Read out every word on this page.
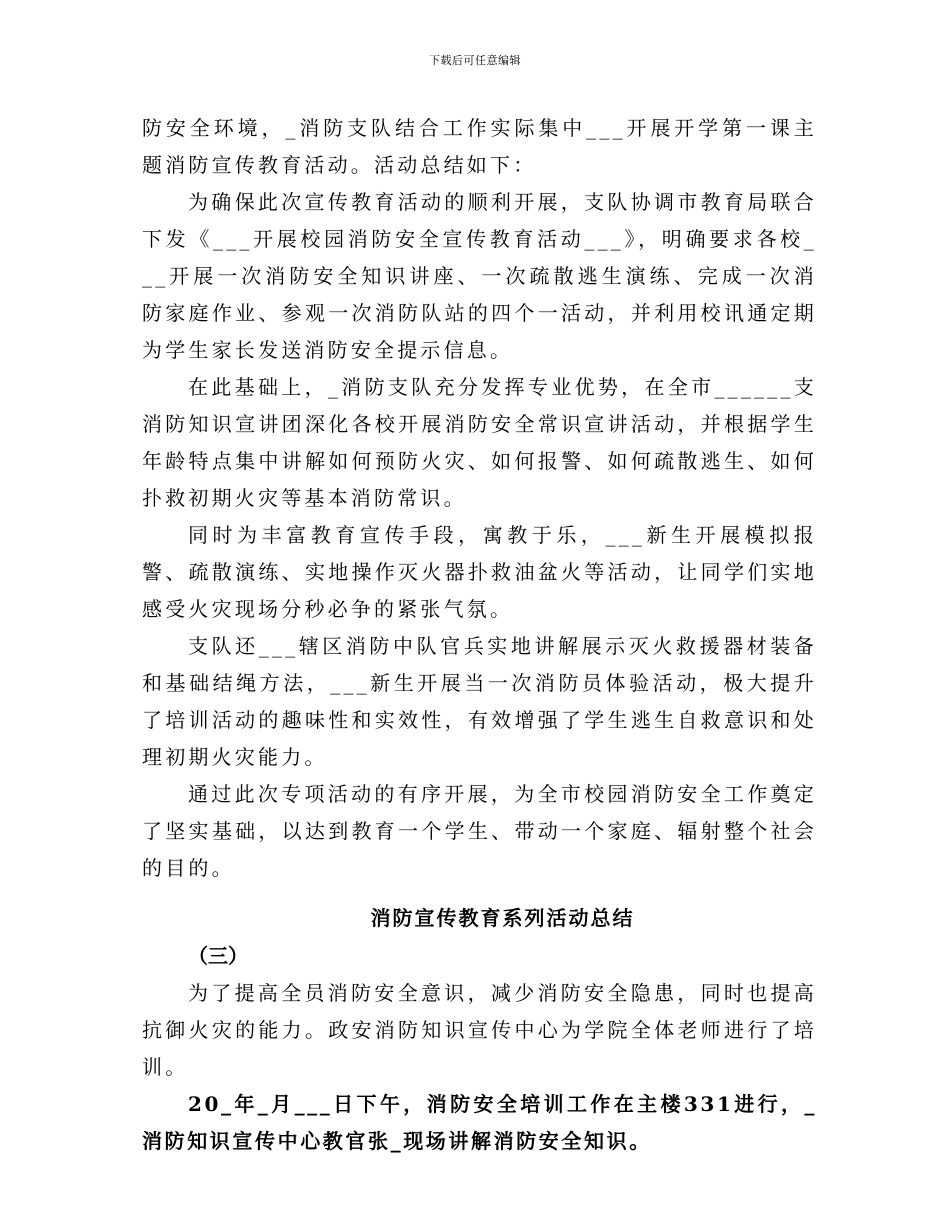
下载后可任意编辑

防安全环境，_消防支队结合工作实际集中___开展开学第一课主题消防宣传教育活动。活动总结如下：

为确保此次宣传教育活动的顺利开展，支队协调市教育局联合下发《___开展校园消防安全宣传教育活动___》，明确要求各校___开展一次消防安全知识讲座、一次疏散逃生演练、完成一次消防家庭作业、参观一次消防队站的四个一活动，并利用校讯通定期为学生家长发送消防安全提示信息。

在此基础上，_消防支队充分发挥专业优势，在全市______支消防知识宣讲团深化各校开展消防安全常识宣讲活动，并根据学生年龄特点集中讲解如何预防火灾、如何报警、如何疏散逃生、如何扑救初期火灾等基本消防常识。

同时为丰富教育宣传手段，寓教于乐，___新生开展模拟报警、疏散演练、实地操作灭火器扑救油盆火等活动，让同学们实地感受火灾现场分秒必争的紧张气氛。

支队还___辖区消防中队官兵实地讲解展示灭火救援器材装备和基础结绳方法，___新生开展当一次消防员体验活动，极大提升了培训活动的趣味性和实效性，有效增强了学生逃生自救意识和处理初期火灾能力。

通过此次专项活动的有序开展，为全市校园消防安全工作奠定了坚实基础，以达到教育一个学生、带动一个家庭、辐射整个社会的目的。

消防宣传教育系列活动总结

（三）

为了提高全员消防安全意识，减少消防安全隐患，同时也提高抗御火灾的能力。政安消防知识宣传中心为学院全体老师进行了培训。

20_年_月___日下午，消防安全培训工作在主楼331进行，_消防知识宣传中心教官张_现场讲解消防安全知识。
